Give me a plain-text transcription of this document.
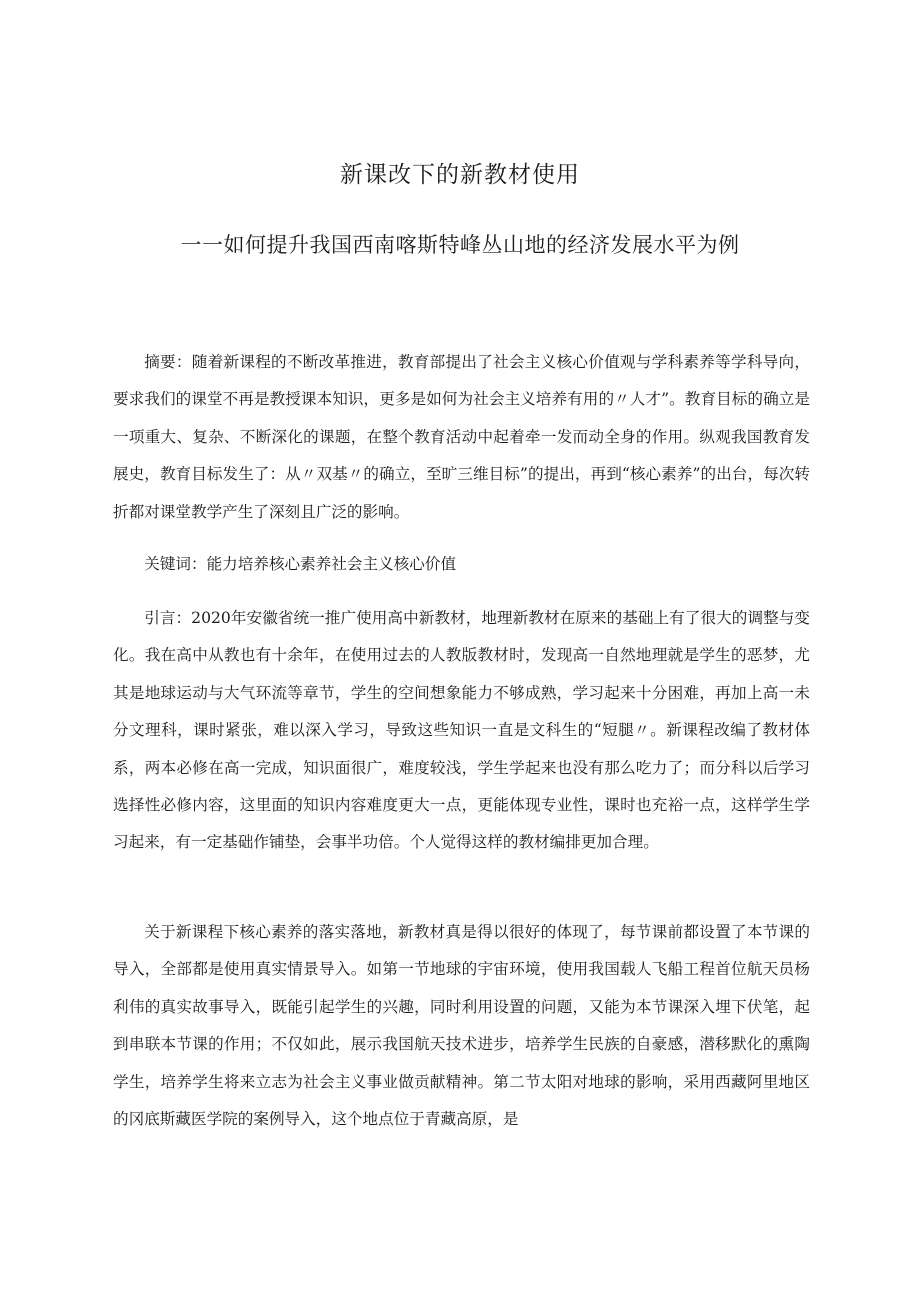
新课改下的新教材使用
一一如何提升我国西南喀斯特峰丛山地的经济发展水平为例

摘要：随着新课程的不断改革推进，教育部提出了社会主义核心价值观与学科素养等学科导向，要求我们的课堂不再是教授课本知识，更多是如何为社会主义培养有用的〃人才”。教育目标的确立是一项重大、复杂、不断深化的课题，在整个教育活动中起着牵一发而动全身的作用。纵观我国教育发展史，教育目标发生了：从〃双基〃的确立，至旷三维目标”的提出，再到“核心素养”的出台，每次转折都对课堂教学产生了深刻且广泛的影响。

关键词：能力培养核心素养社会主义核心价值

引言：2020年安徽省统一推广使用高中新教材，地理新教材在原来的基础上有了很大的调整与变化。我在高中从教也有十余年，在使用过去的人教版教材时，发现高一自然地理就是学生的恶梦，尤其是地球运动与大气环流等章节，学生的空间想象能力不够成熟，学习起来十分困难，再加上高一未分文理科，课时紧张，难以深入学习，导致这些知识一直是文科生的“短腿〃。新课程改编了教材体系，两本必修在高一完成，知识面很广，难度较浅，学生学起来也没有那么吃力了；而分科以后学习选择性必修内容，这里面的知识内容难度更大一点，更能体现专业性，课时也充裕一点，这样学生学习起来，有一定基础作铺垫，会事半功倍。个人觉得这样的教材编排更加合理。

关于新课程下核心素养的落实落地，新教材真是得以很好的体现了，每节课前都设置了本节课的导入，全部都是使用真实情景导入。如第一节地球的宇宙环境，使用我国载人飞船工程首位航天员杨利伟的真实故事导入，既能引起学生的兴趣，同时利用设置的问题，又能为本节课深入埋下伏笔，起到串联本节课的作用；不仅如此，展示我国航天技术进步，培养学生民族的自豪感，潜移默化的熏陶学生，培养学生将来立志为社会主义事业做贡献精神。第二节太阳对地球的影响，采用西藏阿里地区的冈底斯藏医学院的案例导入，这个地点位于青藏高原，是
